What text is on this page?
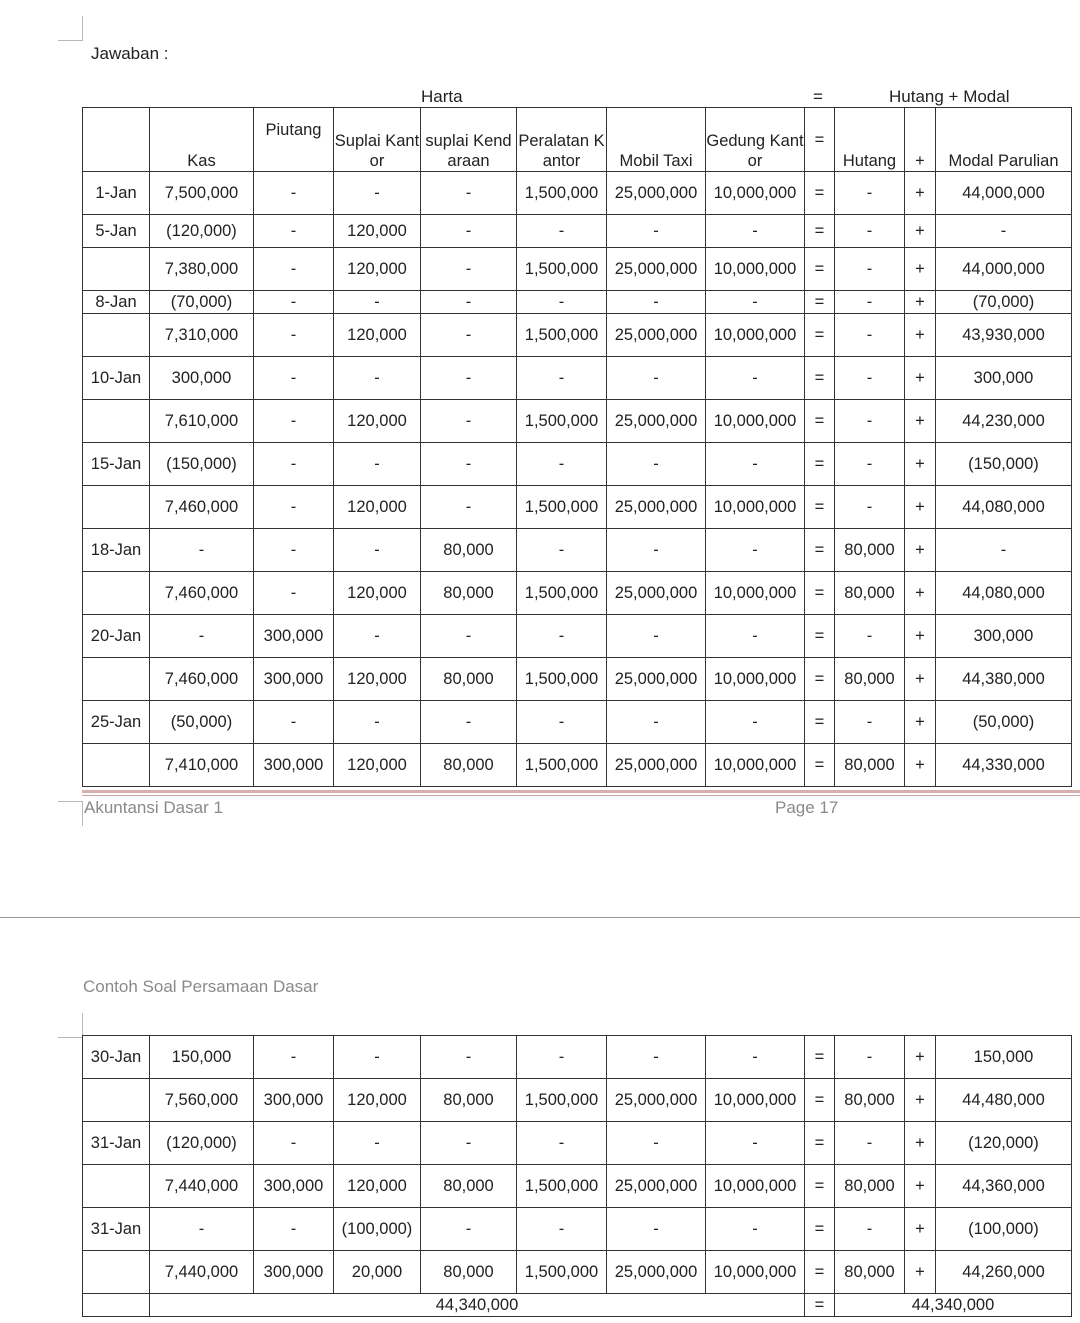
Jawaban :
Harta	=	Hutang + Modal
	Kas	Piutang	Suplai Kantor	suplai Kendaraan	Peralatan Kantor	Mobil Taxi	Gedung Kantor	=	Hutang	+	Modal Parulian
1-Jan	7,500,000	-	-	-	1,500,000	25,000,000	10,000,000	=	-	+	44,000,000
5-Jan	(120,000)	-	120,000	-	-	-	-	=	-	+	-
	7,380,000	-	120,000	-	1,500,000	25,000,000	10,000,000	=	-	+	44,000,000
8-Jan	(70,000)	-	-	-	-	-	-	=	-	+	(70,000)
	7,310,000	-	120,000	-	1,500,000	25,000,000	10,000,000	=	-	+	43,930,000
10-Jan	300,000	-	-	-	-	-	-	=	-	+	300,000
	7,610,000	-	120,000	-	1,500,000	25,000,000	10,000,000	=	-	+	44,230,000
15-Jan	(150,000)	-	-	-	-	-	-	=	-	+	(150,000)
	7,460,000	-	120,000	-	1,500,000	25,000,000	10,000,000	=	-	+	44,080,000
18-Jan	-	-	-	80,000	-	-	-	=	80,000	+	-
	7,460,000	-	120,000	80,000	1,500,000	25,000,000	10,000,000	=	80,000	+	44,080,000
20-Jan	-	300,000	-	-	-	-	-	=	-	+	300,000
	7,460,000	300,000	120,000	80,000	1,500,000	25,000,000	10,000,000	=	80,000	+	44,380,000
25-Jan	(50,000)	-	-	-	-	-	-	=	-	+	(50,000)
	7,410,000	300,000	120,000	80,000	1,500,000	25,000,000	10,000,000	=	80,000	+	44,330,000
Akuntansi Dasar 1	Page 17
Contoh Soal Persamaan Dasar
30-Jan	150,000	-	-	-	-	-	-	=	-	+	150,000
	7,560,000	300,000	120,000	80,000	1,500,000	25,000,000	10,000,000	=	80,000	+	44,480,000
31-Jan	(120,000)	-	-	-	-	-	-	=	-	+	(120,000)
	7,440,000	300,000	120,000	80,000	1,500,000	25,000,000	10,000,000	=	80,000	+	44,360,000
31-Jan	-	-	(100,000)	-	-	-	-	=	-	+	(100,000)
	7,440,000	300,000	20,000	80,000	1,500,000	25,000,000	10,000,000	=	80,000	+	44,260,000
	44,340,000							=	44,340,000		
